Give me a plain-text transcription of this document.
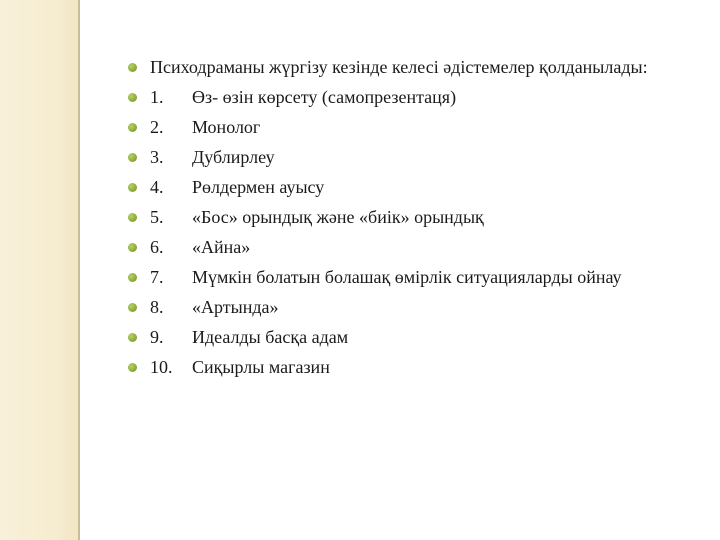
Психодраманы жүргізу кезінде келесі әдістемелер қолданылады:
1. Өз- өзін көрсету (самопрезентаця)
2. Монолог
3. Дублирлеу
4. Рөлдермен ауысу
5. «Бос» орындық және «биік» орындық
6. «Айна»
7. Мүмкін болатын болашақ өмірлік ситуацияларды ойнау
8. «Артында»
9. Идеалды басқа адам
10. Сиқырлы магазин
